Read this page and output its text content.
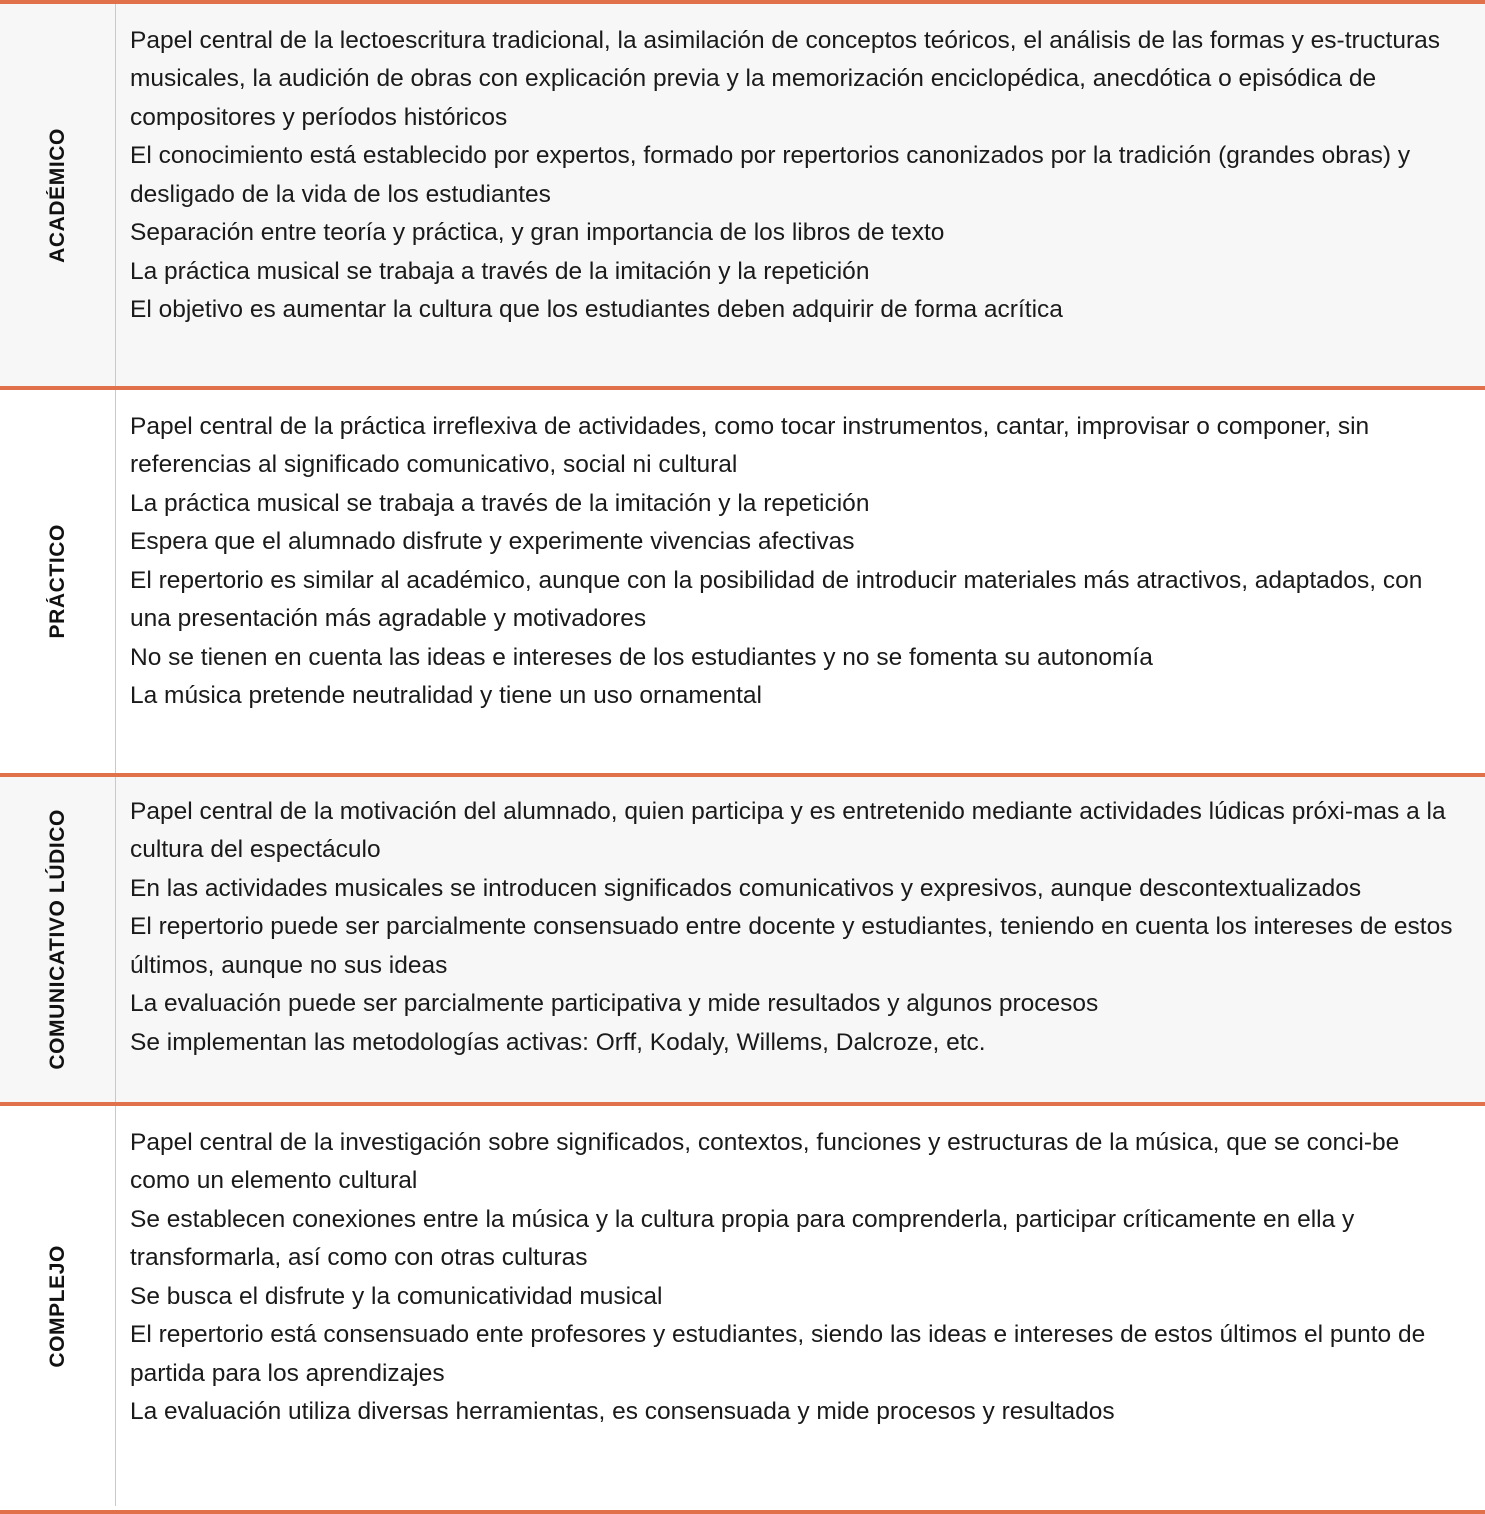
ACADÉMICO

Papel central de la lectoescritura tradicional, la asimilación de conceptos teóricos, el análisis de las formas y es-tructuras musicales, la audición de obras con explicación previa y la memorización enciclopédica, anecdótica o episódica de compositores y períodos históricos

El conocimiento está establecido por expertos, formado por repertorios canonizados por la tradición (grandes obras) y desligado de la vida de los estudiantes

Separación entre teoría y práctica, y gran importancia de los libros de texto

La práctica musical se trabaja a través de la imitación y la repetición

El objetivo es aumentar la cultura que los estudiantes deben adquirir de forma acrítica

PRÁCTICO

Papel central de la práctica irreflexiva de actividades, como tocar instrumentos, cantar, improvisar o componer, sin referencias al significado comunicativo, social ni cultural

La práctica musical se trabaja a través de la imitación y la repetición

Espera que el alumnado disfrute y experimente vivencias afectivas

El repertorio es similar al académico, aunque con la posibilidad de introducir materiales más atractivos, adaptados, con una presentación más agradable y motivadores

No se tienen en cuenta las ideas e intereses de los estudiantes y no se fomenta su autonomía

La música pretende neutralidad y tiene un uso ornamental

COMUNICATIVO LÚDICO Papel central de la motivación del alumnado, quien participa y es entretenido mediante actividades lúdicas próxi-mas a la cultura del espectáculo

En las actividades musicales se introducen significados comunicativos y expresivos, aunque descontextualizados

El repertorio puede ser parcialmente consensuado entre docente y estudiantes, teniendo en cuenta los intereses de estos últimos, aunque no sus ideas

La evaluación puede ser parcialmente participativa y mide resultados y algunos procesos

Se implementan las metodologías activas: Orff, Kodaly, Willems, Dalcroze, etc.

COMPLEJO

Papel central de la investigación sobre significados, contextos, funciones y estructuras de la música, que se conci-be como un elemento cultural

Se establecen conexiones entre la música y la cultura propia para comprenderla, participar críticamente en ella y transformarla, así como con otras culturas

Se busca el disfrute y la comunicatividad musical

El repertorio está consensuado ente profesores y estudiantes, siendo las ideas e intereses de estos últimos el punto de partida para los aprendizajes

La evaluación utiliza diversas herramientas, es consensuada y mide procesos y resultados
